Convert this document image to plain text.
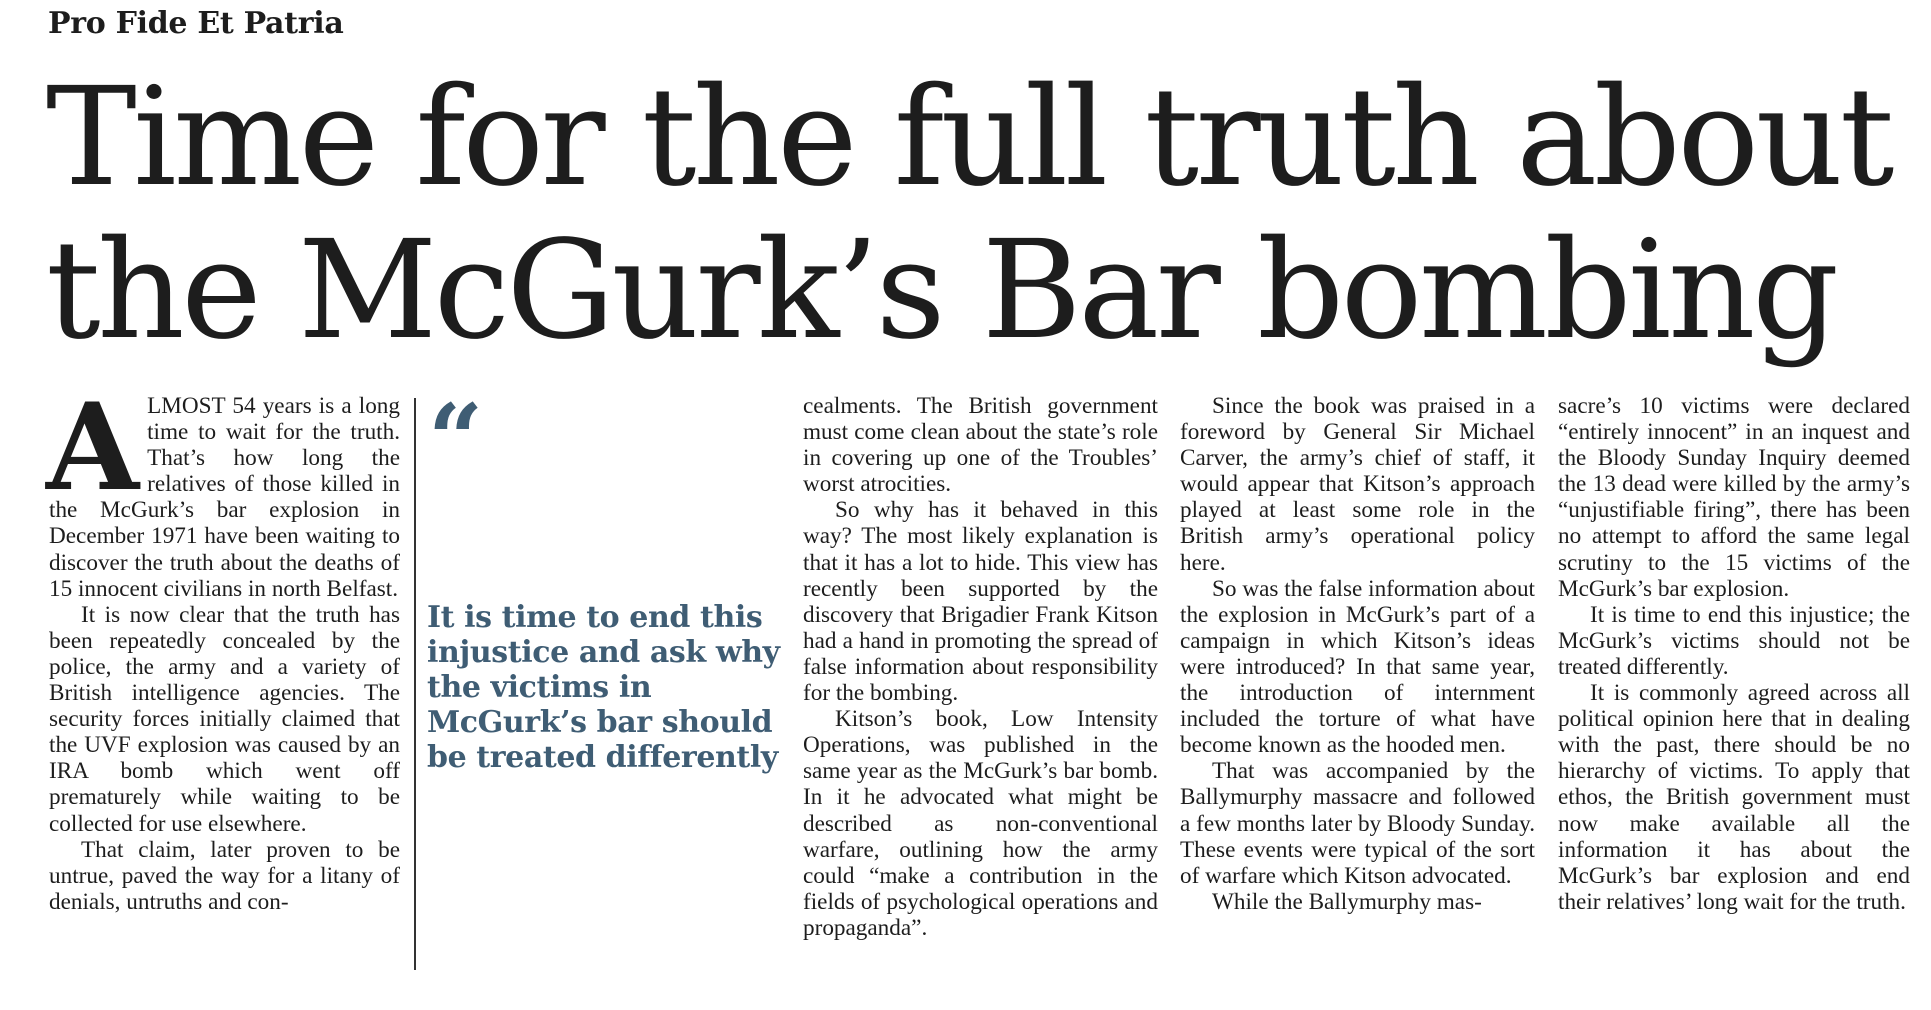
Pro Fide Et Patria
Time for the full truth about the McGurk’s Bar bombing

ALMOST 54 years is a long time to wait for the truth. That’s how long the relatives of those killed in the McGurk’s bar explosion in December 1971 have been waiting to discover the truth about the deaths of 15 innocent civilians in north Belfast.

It is now clear that the truth has been repeatedly concealed by the police, the army and a variety of British intelligence agencies. The security forces initially claimed that the UVF explosion was caused by an IRA bomb which went off prematurely while waiting to be collected for use elsewhere.

That claim, later proven to be untrue, paved the way for a litany of denials, untruths and con-

“
It is time to end this injustice and ask why the victims in McGurk’s bar should be treated differently

cealments. The British government must come clean about the state’s role in covering up one of the Troubles’ worst atrocities.

So why has it behaved in this way? The most likely explanation is that it has a lot to hide. This view has recently been supported by the discovery that Brigadier Frank Kitson had a hand in promoting the spread of false information about responsibility for the bombing.

Kitson’s book, Low Intensity Operations, was published in the same year as the McGurk’s bar bomb. In it he advocated what might be described as non-conventional warfare, outlining how the army could “make a contribution in the fields of psychological operations and propaganda”.

Since the book was praised in a foreword by General Sir Michael Carver, the army’s chief of staff, it would appear that Kitson’s approach played at least some role in the British army’s operational policy here.

So was the false information about the explosion in McGurk’s part of a campaign in which Kitson’s ideas were introduced? In that same year, the introduction of internment included the torture of what have become known as the hooded men.

That was accompanied by the Ballymurphy massacre and followed a few months later by Bloody Sunday. These events were typical of the sort of warfare which Kitson advocated.

While the Ballymurphy mas-

sacre’s 10 victims were declared “entirely innocent” in an inquest and the Bloody Sunday Inquiry deemed the 13 dead were killed by the army’s “unjustifiable firing”, there has been no attempt to afford the same legal scrutiny to the 15 victims of the McGurk’s bar explosion.

It is time to end this injustice; the McGurk’s victims should not be treated differently.

It is commonly agreed across all political opinion here that in dealing with the past, there should be no hierarchy of victims. To apply that ethos, the British government must now make available all the information it has about the McGurk’s bar explosion and end their relatives’ long wait for the truth.
